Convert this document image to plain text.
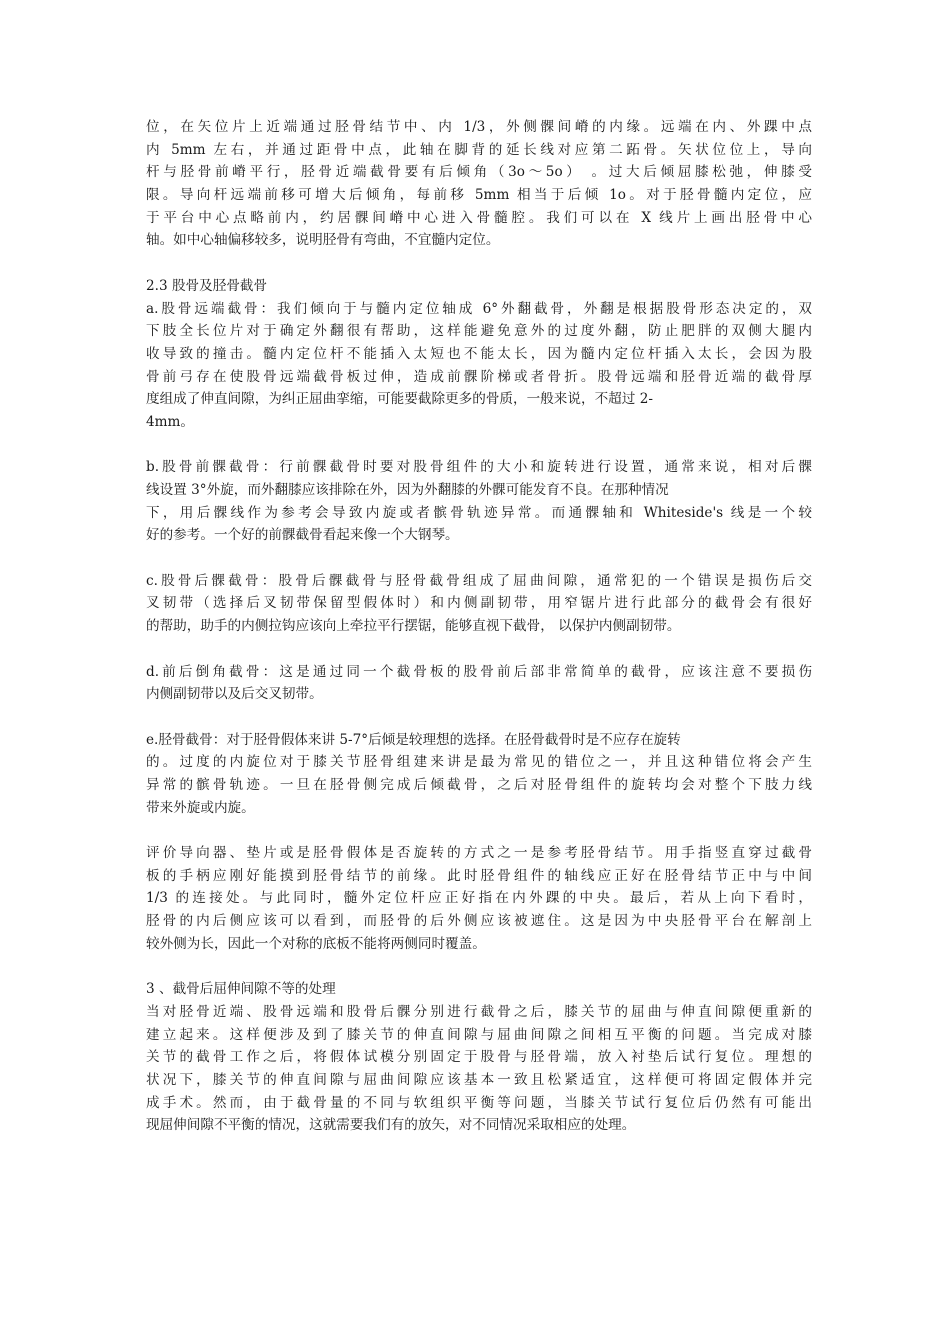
位，在矢位片上近端通过胫骨结节中、内 1/3，外侧髁间嵴的内缘。远端在内、外踝中点
内 5mm 左右，并通过距骨中点，此轴在脚背的延长线对应第二跖骨。矢状位位上，导向
杆与胫骨前嵴平行，胫骨近端截骨要有后倾角（3o～5o） 。过大后倾屈膝松弛，伸膝受
限。导向杆远端前移可增大后倾角，每前移 5mm 相当于后倾 1o。对于胫骨髓内定位，应
于平台中心点略前内，约居髁间嵴中心进入骨髓腔。我们可以在 X 线片上画出胫骨中心
轴。如中心轴偏移较多，说明胫骨有弯曲，不宜髓内定位。
2.3 股骨及胫骨截骨
a.股骨远端截骨：我们倾向于与髓内定位轴成 6°外翻截骨，外翻是根据股骨形态决定的，双
下肢全长位片对于确定外翻很有帮助，这样能避免意外的过度外翻，防止肥胖的双侧大腿内
收导致的撞击。髓内定位杆不能插入太短也不能太长，因为髓内定位杆插入太长，会因为股
骨前弓存在使股骨远端截骨板过伸，造成前髁阶梯或者骨折。股骨远端和胫骨近端的截骨厚
度组成了伸直间隙，为纠正屈曲挛缩，可能要截除更多的骨质，一般来说，不超过 2-
4mm。
b.股骨前髁截骨：行前髁截骨时要对股骨组件的大小和旋转进行设置，通常来说，相对后髁
线设置 3°外旋，而外翻膝应该排除在外，因为外翻膝的外髁可能发育不良。在那种情况
下，用后髁线作为参考会导致内旋或者髌骨轨迹异常。而通髁轴和 Whiteside's 线是一个较
好的参考。一个好的前髁截骨看起来像一个大钢琴。
c.股骨后髁截骨：股骨后髁截骨与胫骨截骨组成了屈曲间隙，通常犯的一个错误是损伤后交
叉韧带（选择后叉韧带保留型假体时）和内侧副韧带，用窄锯片进行此部分的截骨会有很好
的帮助，助手的内侧拉钩应该向上牵拉平行摆锯，能够直视下截骨， 以保护内侧副韧带。
d.前后倒角截骨：这是通过同一个截骨板的股骨前后部非常简单的截骨，应该注意不要损伤
内侧副韧带以及后交叉韧带。
e.胫骨截骨：对于胫骨假体来讲 5-7°后倾是较理想的选择。在胫骨截骨时是不应存在旋转
的。过度的内旋位对于膝关节胫骨组建来讲是最为常见的错位之一，并且这种错位将会产生
异常的髌骨轨迹。一旦在胫骨侧完成后倾截骨，之后对胫骨组件的旋转均会对整个下肢力线
带来外旋或内旋。
评价导向器、垫片或是胫骨假体是否旋转的方式之一是参考胫骨结节。用手指竖直穿过截骨
板的手柄应刚好能摸到胫骨结节的前缘。此时胫骨组件的轴线应正好在胫骨结节正中与中间
1/3 的连接处。与此同时，髓外定位杆应正好指在内外踝的中央。最后，若从上向下看时，
胫骨的内后侧应该可以看到，而胫骨的后外侧应该被遮住。这是因为中央胫骨平台在解剖上
较外侧为长，因此一个对称的底板不能将两侧同时覆盖。
3 、截骨后屈伸间隙不等的处理
当对胫骨近端、股骨远端和股骨后髁分别进行截骨之后，膝关节的屈曲与伸直间隙便重新的
建立起来。这样便涉及到了膝关节的伸直间隙与屈曲间隙之间相互平衡的问题。当完成对膝
关节的截骨工作之后，将假体试模分别固定于股骨与胫骨端，放入衬垫后试行复位。理想的
状况下，膝关节的伸直间隙与屈曲间隙应该基本一致且松紧适宜，这样便可将固定假体并完
成手术。然而，由于截骨量的不同与软组织平衡等问题，当膝关节试行复位后仍然有可能出
现屈伸间隙不平衡的情况，这就需要我们有的放矢，对不同情况采取相应的处理。
